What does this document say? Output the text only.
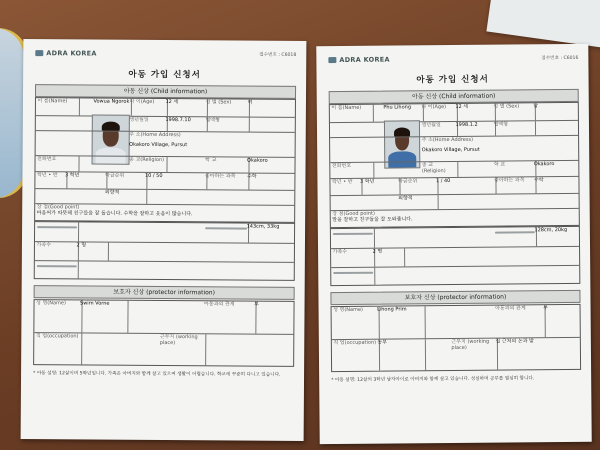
ADRA KOREA	접수번호 : C6018
아동 가입 신청서
아동 신상 (Child information)
이 름(Name)	Vowua Ngorok 나 이(Age)	12 세	성 별 (Sex)	여
생년월일	1998.7.10	혈액형
주 소(Home Address)
Okakoro Village, Pursut
전화번호	종 교(Religion)	학 교	Okakoro
학년 • 반	3 학년	학급순위	10 / 50	좋아하는 과목	수학
외향적
장 점(Good point)
마음씨가 따뜻해 친구들을 잘 돕습니다. 수학을 잘하고 웃음이 많습니다.
143cm, 33kg
가족수	2 명
보호자 신상 (protector information)
성 명(Name)	Swim Vorne	아동과의 관계	부
직 업(occupation)	근무지 (working place)
* 아동 설명: 12살이며 5학년입니다. 가족은 아버지와 함께 살고 있으며 생활이 어렵습니다. 학교에 꾸준히 다니고 있습니다.
ADRA KOREA	접수번호 : C6016
아동 가입 신청서
아동 신상 (Child information)
이 름(Name)	Phu Lihong	나 이(Age)	12 세	성 별 (Sex)	남
생년월일	1998.1.2	혈액형
주 소(Home Address)
Okakoro Village, Pursut
전화번호	종 교(Religion)
학 교	Okakoro
학년 • 반	3 학년	학급순위	1 / 40	좋아하는 과목	수학
외향적
장 점(Good point)
말을 잘하고 친구들을 잘 도와줍니다.
128cm, 20kg
가족수	2 명
보호자 신상 (protector information)
성 명(Name)	Lihong Prim	아동과의 관계	부
직 업(occupation) 농부	근무지 (working place)
집 근처의 논과 밭
* 아동 설명: 12살의 3학년 남자아이로 아버지와 함께 살고 있습니다. 성실하며 공부를 열심히 합니다.
